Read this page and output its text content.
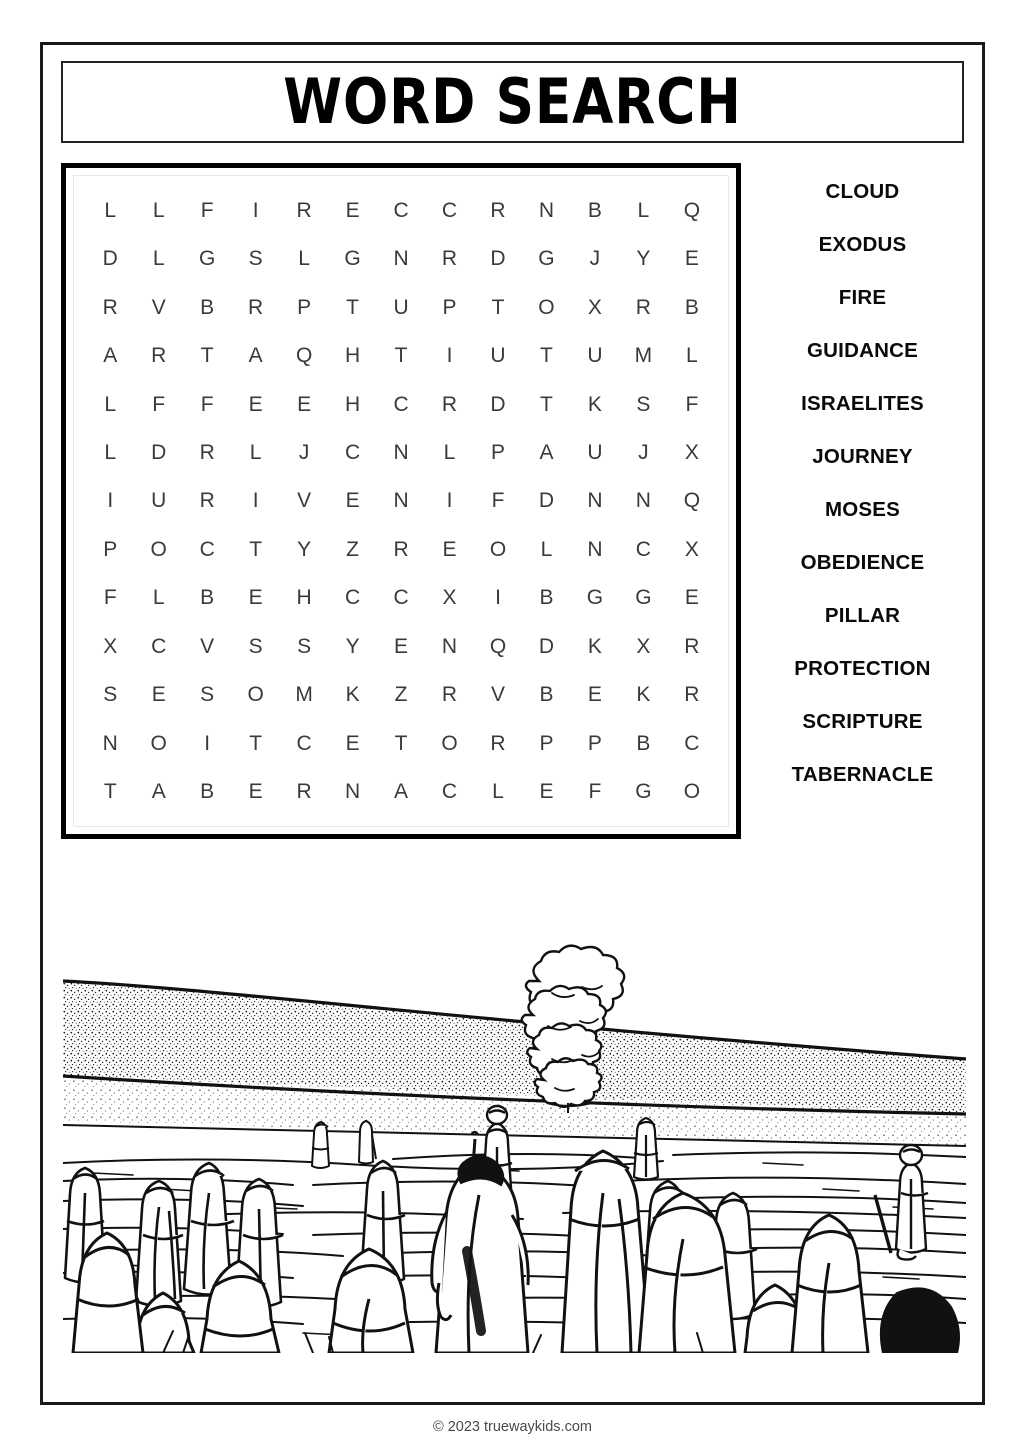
WORD SEARCH
L	L	F	I	R	E	C	C	R	N	B	L	Q
D	L	G	S	L	G	N	R	D	G	J	Y	E
R	V	B	R	P	T	U	P	T	O	X	R	B
A	R	T	A	Q	H	T	I	U	T	U	M	L
L	F	F	E	E	H	C	R	D	T	K	S	F
L	D	R	L	J	C	N	L	P	A	U	J	X
I	U	R	I	V	E	N	I	F	D	N	N	Q
P	O	C	T	Y	Z	R	E	O	L	N	C	X
F	L	B	E	H	C	C	X	I	B	G	G	E
X	C	V	S	S	Y	E	N	Q	D	K	X	R
S	E	S	O	M	K	Z	R	V	B	E	K	R
N	O	I	T	C	E	T	O	R	P	P	B	C
T	A	B	E	R	N	A	C	L	E	F	G	O
CLOUD
EXODUS
FIRE
GUIDANCE
ISRAELITES
JOURNEY
MOSES
OBEDIENCE
PILLAR
PROTECTION
SCRIPTURE
TABERNACLE
© 2023 truewaykids.com
